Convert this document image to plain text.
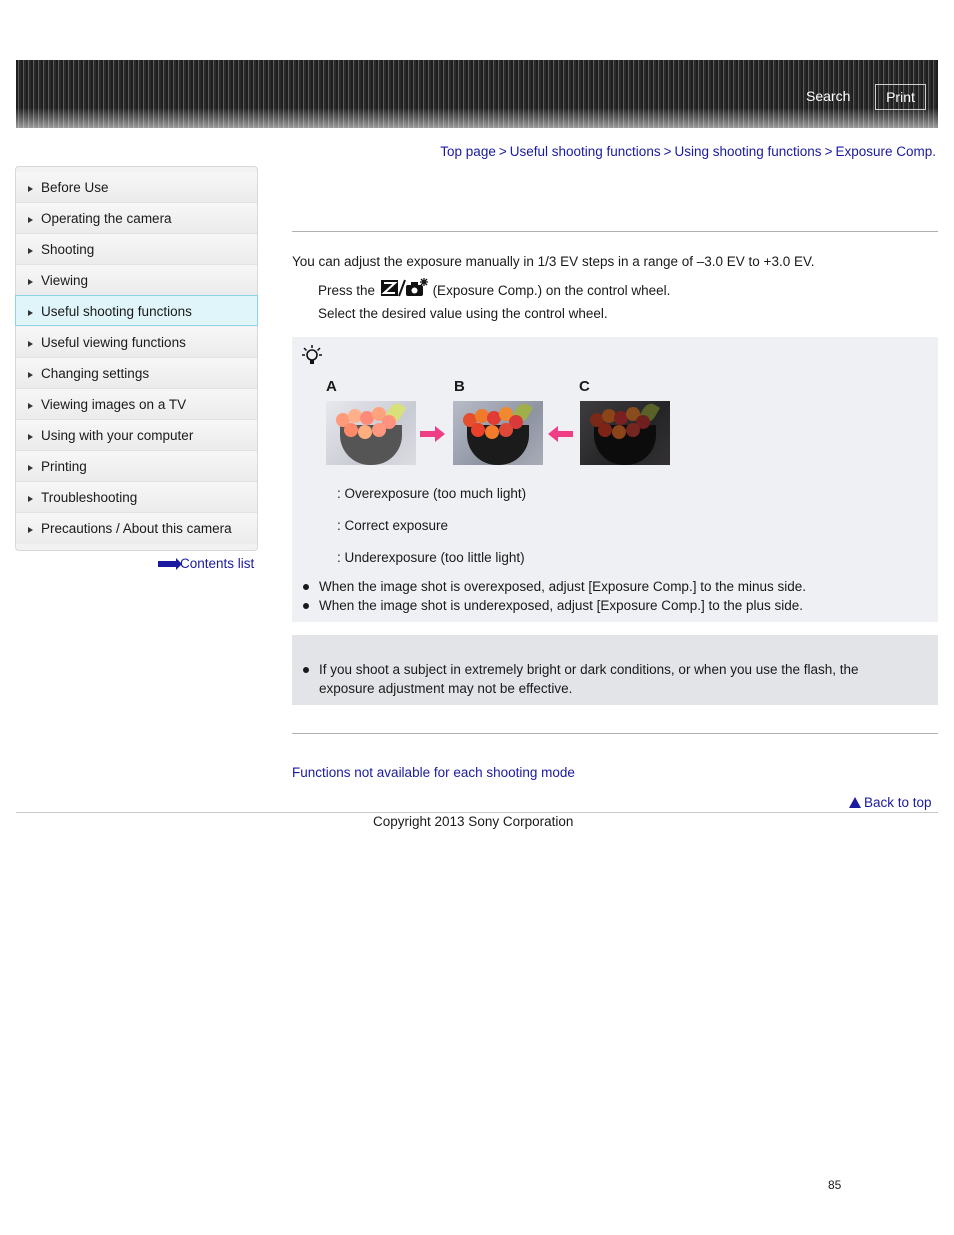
Search	Print
Top page > Useful shooting functions > Using shooting functions > Exposure Comp.
Before Use
Operating the camera
Shooting
Viewing
Useful shooting functions
Useful viewing functions
Changing settings
Viewing images on a TV
Using with your computer
Printing
Troubleshooting
Precautions / About this camera
Contents list
You can adjust the exposure manually in 1/3 EV steps in a range of –3.0 EV to +3.0 EV.
Press the	(Exposure Comp.) on the control wheel.
Select the desired value using the control wheel.
A	B	C
: Overexposure (too much light)
: Correct exposure
: Underexposure (too little light)
When the image shot is overexposed, adjust [Exposure Comp.] to the minus side.
When the image shot is underexposed, adjust [Exposure Comp.] to the plus side.
If you shoot a subject in extremely bright or dark conditions, or when you use the flash, the
exposure adjustment may not be effective.
Functions not available for each shooting mode
Back to top
Copyright 2013 Sony Corporation
85
